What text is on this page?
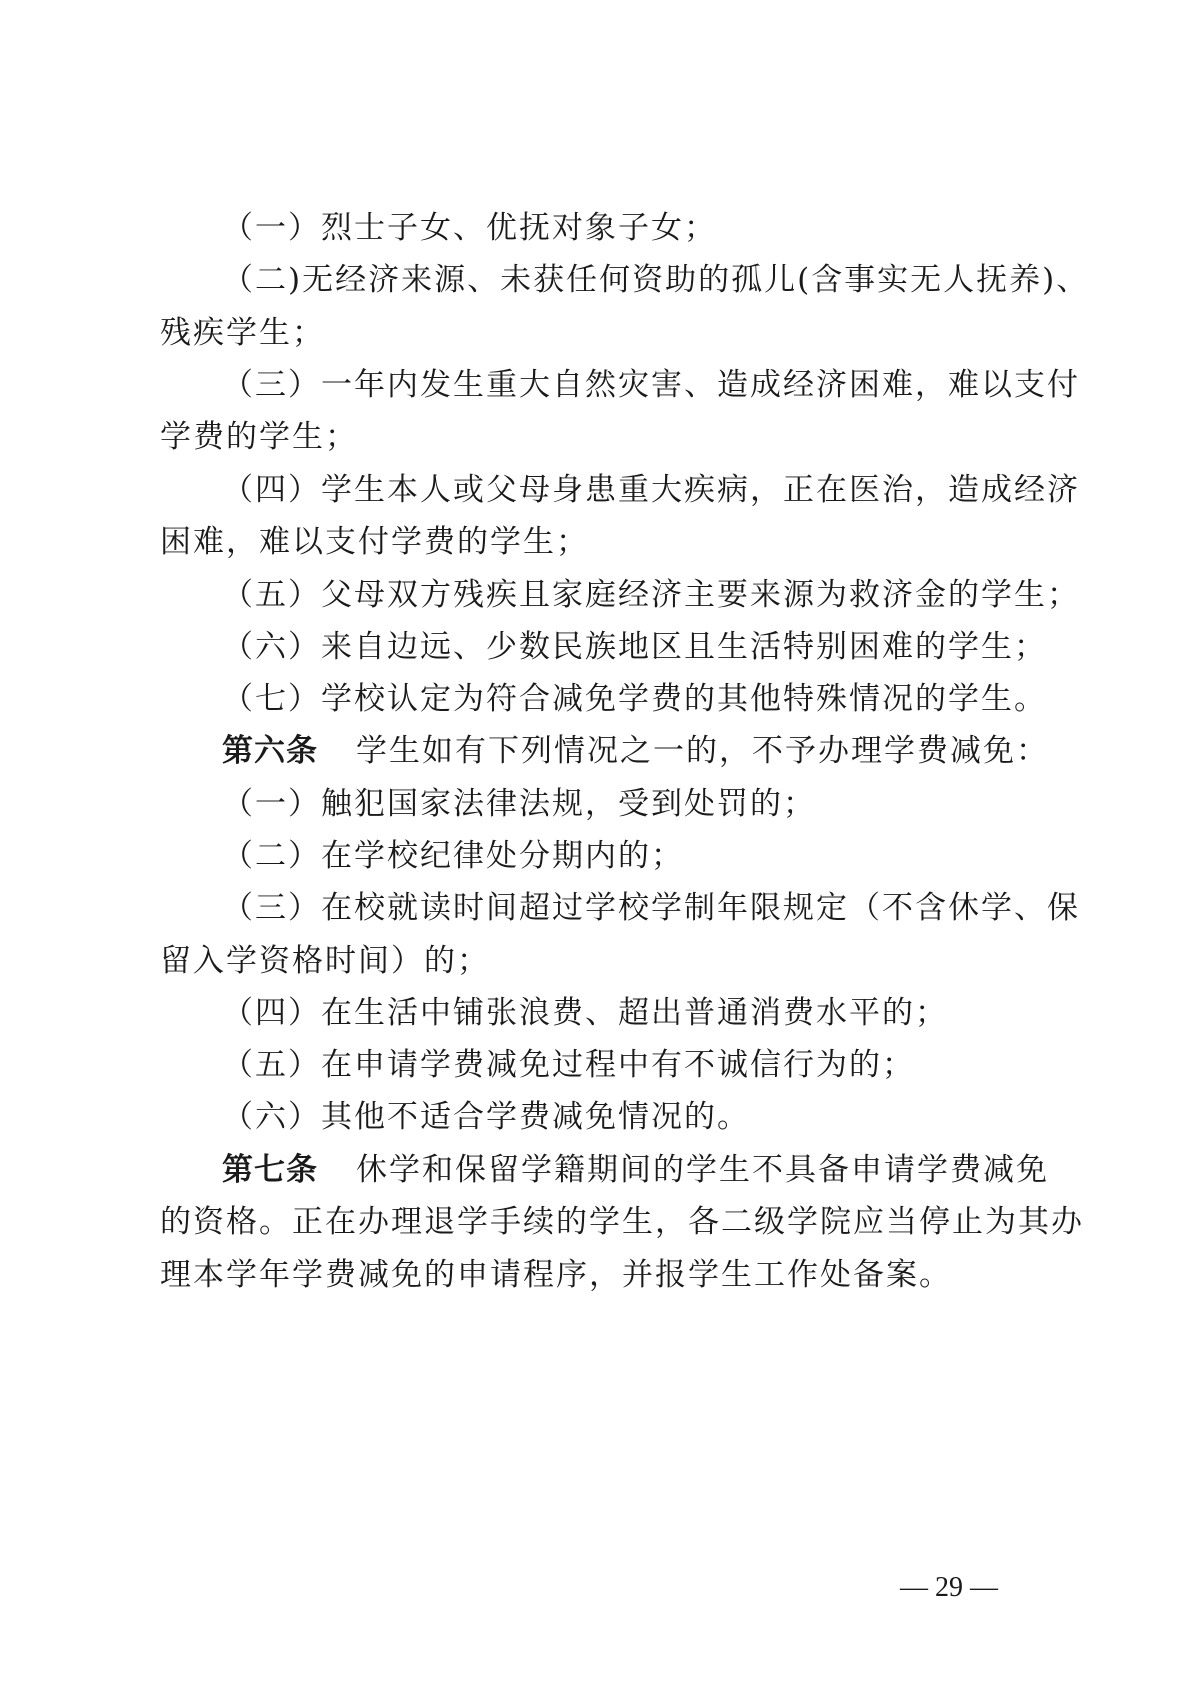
（一）烈士子女、优抚对象子女；
（二)无经济来源、未获任何资助的孤儿(含事实无人抚养)、
残疾学生；
（三）一年内发生重大自然灾害、造成经济困难，难以支付
学费的学生；
（四）学生本人或父母身患重大疾病，正在医治，造成经济
困难，难以支付学费的学生；
（五）父母双方残疾且家庭经济主要来源为救济金的学生；
（六）来自边远、少数民族地区且生活特别困难的学生；
（七）学校认定为符合减免学费的其他特殊情况的学生。
第六条 学生如有下列情况之一的，不予办理学费减免：
（一）触犯国家法律法规，受到处罚的；
（二）在学校纪律处分期内的；
（三）在校就读时间超过学校学制年限规定（不含休学、保
留入学资格时间）的；
（四）在生活中铺张浪费、超出普通消费水平的；
（五）在申请学费减免过程中有不诚信行为的；
（六）其他不适合学费减免情况的。
第七条 休学和保留学籍期间的学生不具备申请学费减免
的资格。正在办理退学手续的学生，各二级学院应当停止为其办
理本学年学费减免的申请程序，并报学生工作处备案。
— 29 —
